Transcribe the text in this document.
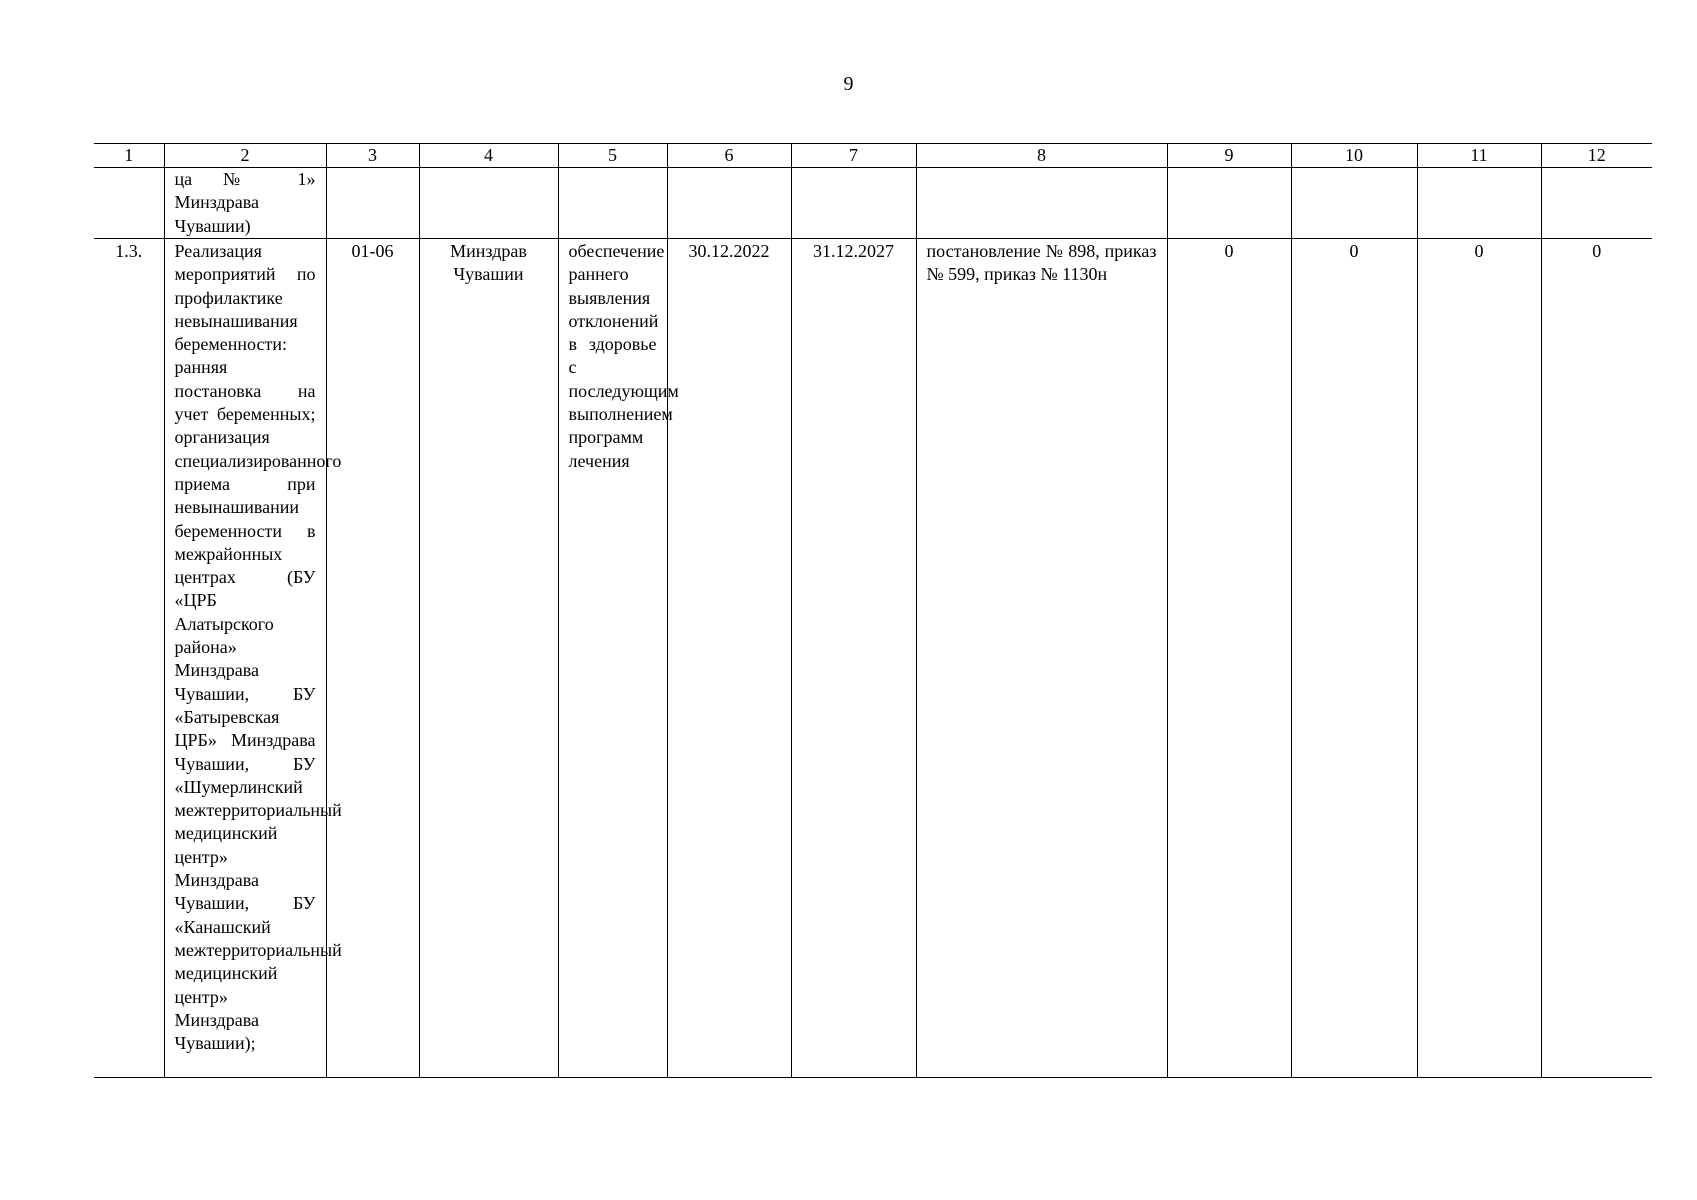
9
1	2	3	4	5	6	7	8	9	10	11	12
	ца № 1» Минздрава Чувашии)										
1.3.	Реализация мероприятий по профилактике невынашивания беременности: ранняя постановка на учет беременных; организация специализированного приема при невынашивании беременности в межрайонных центрах (БУ «ЦРБ Алатырского района» Минздрава Чувашии, БУ «Батыревская ЦРБ» Минздрава Чувашии, БУ «Шумерлинский межтерриториальный медицинский центр» Минздрава Чувашии, БУ «Канашский межтерриториальный медицинский центр» Минздрава Чувашии);	01-06	Минздрав Чувашии	обеспечение раннего выявления отклонений в здоровье с последующим выполнением программ лечения	30.12.2022	31.12.2027	постановление № 898, приказ № 599, приказ № 1130н	0	0	0	0
